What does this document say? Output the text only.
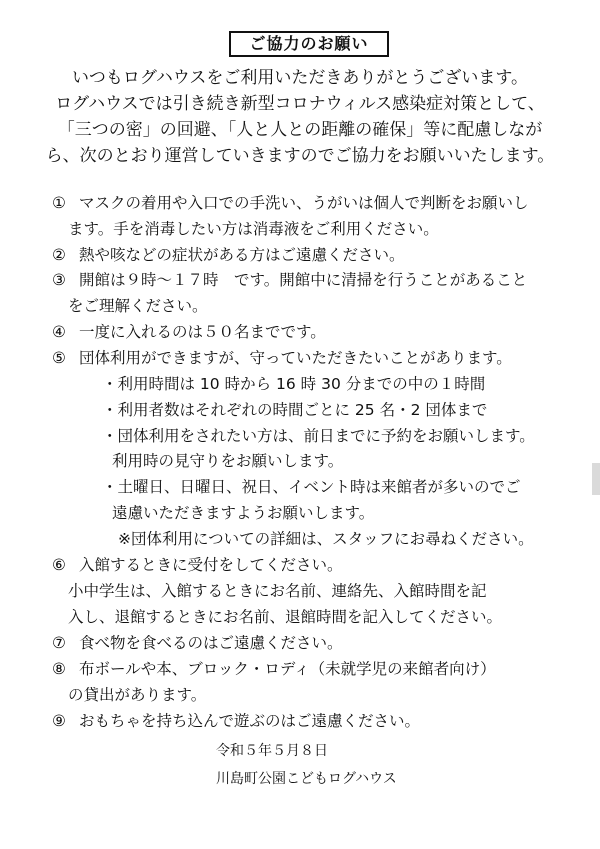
ご協力のお願い
いつもログハウスをご利用いただきありがとうございます。
ログハウスでは引き続き新型コロナウィルス感染症対策として、
「三つの密」の回避、「人と人との距離の確保」等に配慮しなが
ら、次のとおり運営していきますのでご協力をお願いいたします。
① マスクの着用や入口での手洗い、うがいは個人で判断をお願いし
ます。手を消毒したい方は消毒液をご利用ください。
② 熱や咳などの症状がある方はご遠慮ください。
③ 開館は９時～１７時　です。開館中に清掃を行うことがあること
をご理解ください。
④ 一度に入れるのは５０名までです。
⑤ 団体利用ができますが、守っていただきたいことがあります。
・利用時間は 10 時から 16 時 30 分までの中の１時間
・利用者数はそれぞれの時間ごとに 25 名・2 団体まで
・団体利用をされたい方は、前日までに予約をお願いします。
利用時の見守りをお願いします。
・土曜日、日曜日、祝日、イベント時は来館者が多いのでご
遠慮いただきますようお願いします。
※団体利用についての詳細は、スタッフにお尋ねください。
⑥ 入館するときに受付をしてください。
小中学生は、入館するときにお名前、連絡先、入館時間を記
入し、退館するときにお名前、退館時間を記入してください。
⑦ 食べ物を食べるのはご遠慮ください。
⑧ 布ボールや本、ブロック・ロディ（未就学児の来館者向け）
の貸出があります。
⑨ おもちゃを持ち込んで遊ぶのはご遠慮ください。
令和５年５月８日
川島町公園こどもログハウス
